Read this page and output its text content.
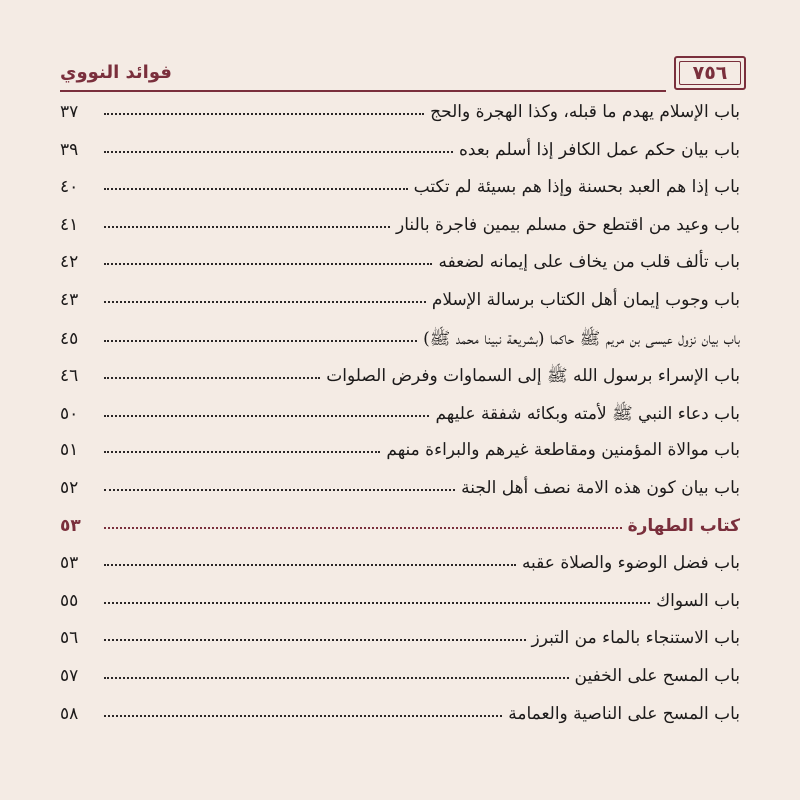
٧٥٦
فوائد النووي
باب الإسلام يهدم ما قبله، وكذا الهجرة والحج
٣٧
باب بيان حكم عمل الكافر إذا أسلم بعده
٣٩
باب إذا هم العبد بحسنة وإذا هم بسيئة لم تكتب
٤٠
باب وعيد من اقتطع حق مسلم بيمين فاجرة بالنار
٤١
باب تألف قلب من يخاف على إيمانه لضعفه
٤٢
باب وجوب إيمان أهل الكتاب برسالة الإسلام
٤٣
باب بيان نزول عيسى بن مريم ﷺ حاكما (بشريعة نبينا محمد ﷺ)
٤٥
باب الإسراء برسول الله ﷺ إلى السماوات وفرض الصلوات
٤٦
باب دعاء النبي ﷺ لأمته وبكائه شفقة عليهم
٥٠
باب موالاة المؤمنين ومقاطعة غيرهم والبراءة منهم
٥١
باب بيان كون هذه الامة نصف أهل الجنة
٥٢
كتاب الطهارة
٥٣
باب فضل الوضوء والصلاة عقبه
٥٣
باب السواك
٥٥
باب الاستنجاء بالماء من التبرز
٥٦
باب المسح على الخفين
٥٧
باب المسح على الناصية والعمامة
٥٨
